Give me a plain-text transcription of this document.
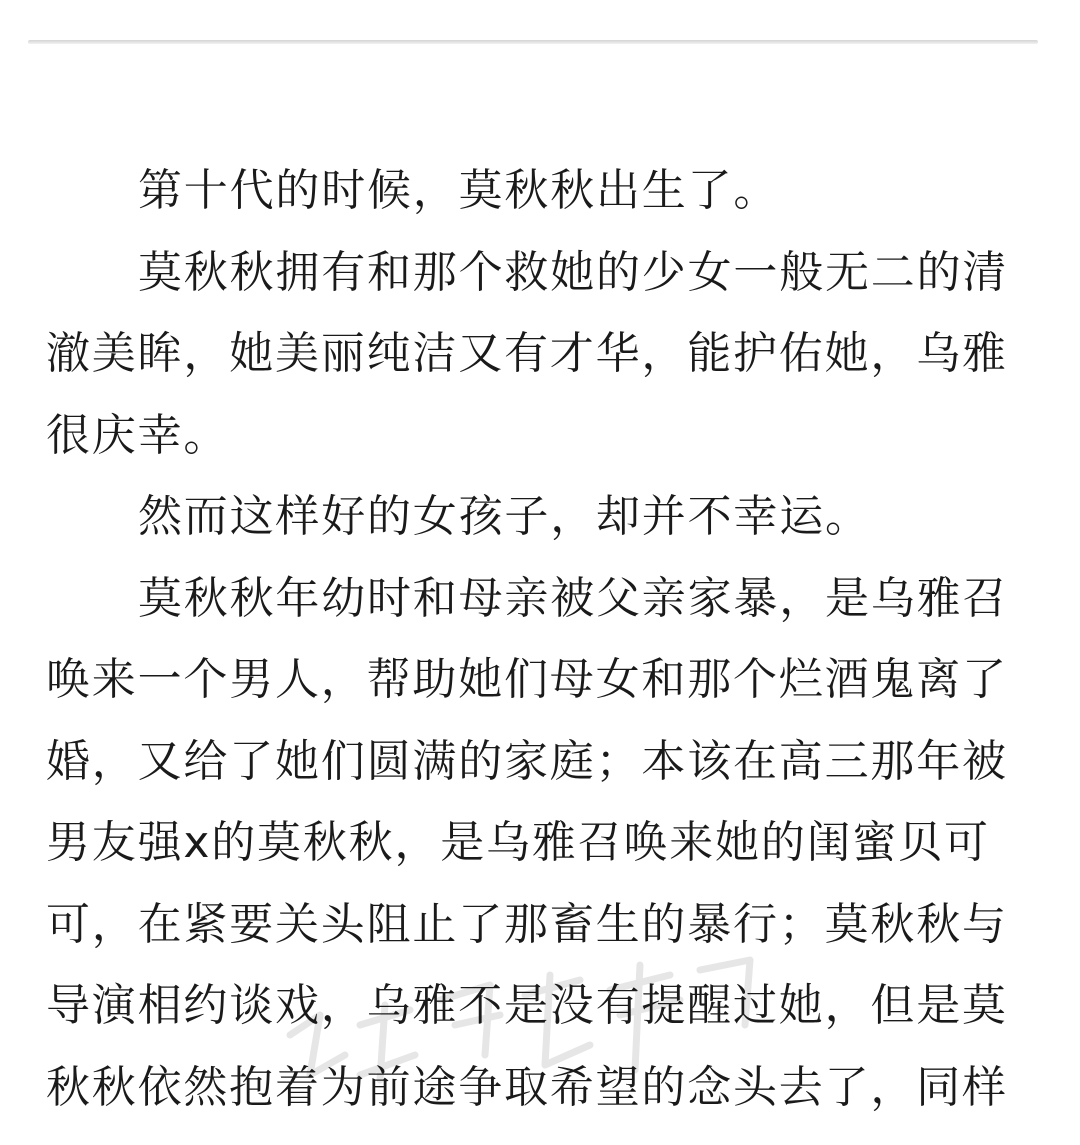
第十代的时候，莫秋秋出生了。

莫秋秋拥有和那个救她的少女一般无二的清
澈美眸，她美丽纯洁又有才华，能护佑她，乌雅
很庆幸。

然而这样好的女孩子，却并不幸运。

莫秋秋年幼时和母亲被父亲家暴，是乌雅召
唤来一个男人，帮助她们母女和那个烂酒鬼离了
婚，又给了她们圆满的家庭；本该在高三那年被
男友强x的莫秋秋，是乌雅召唤来她的闺蜜贝可
可，在紧要关头阻止了那畜生的暴行；莫秋秋与
导演相约谈戏，乌雅不是没有提醒过她，但是莫
秋秋依然抱着为前途争取希望的念头去了，同样
